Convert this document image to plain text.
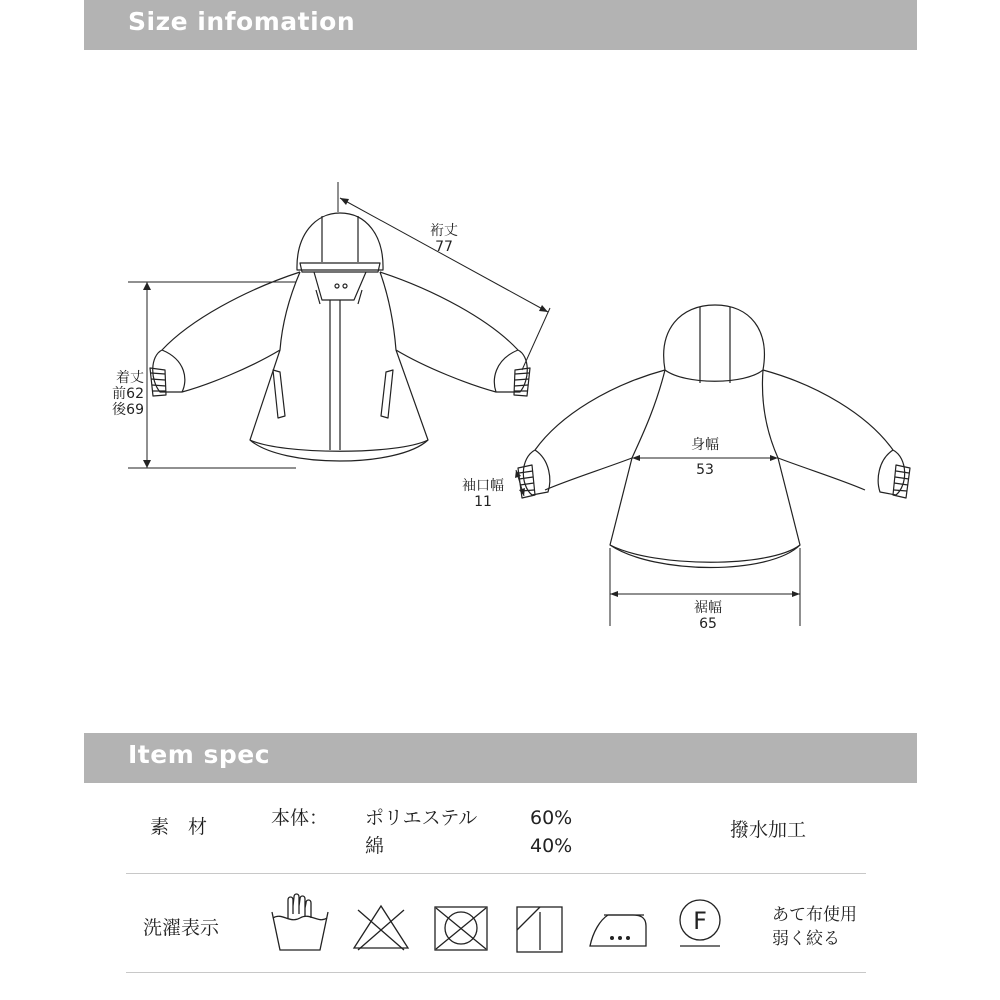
Size infomation
F
裄丈
77
着丈
前62
後69
身幅
53
袖口幅
11
裾幅
65
Item spec
素　材	本体： ポリエステル	60%
綿	40%
撥水加工
洗濯表示
あて布使用
弱く絞る
